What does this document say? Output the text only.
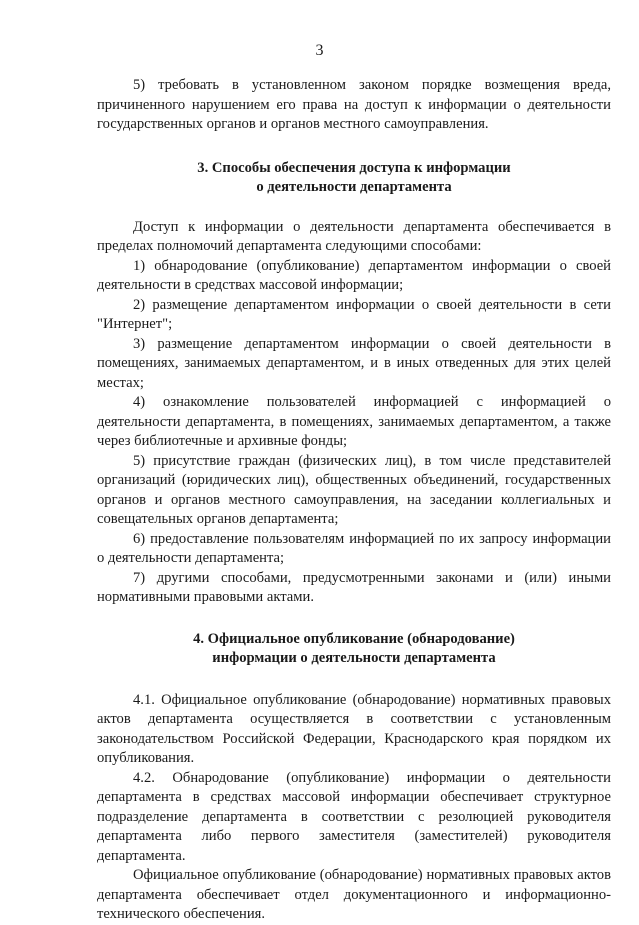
3

5) требовать в установленном законом порядке возмещения вреда, причиненного нарушением его права на доступ к информации о деятельности государственных органов и органов местного самоуправления.

3. Способы обеспечения доступа к информации
о деятельности департамента

Доступ к информации о деятельности департамента обеспечивается в пределах полномочий департамента следующими способами:

1) обнародование (опубликование) департаментом информации о своей деятельности в средствах массовой информации;

2) размещение департаментом информации о своей деятельности в сети "Интернет";

3) размещение департаментом информации о своей деятельности в помещениях, занимаемых департаментом, и в иных отведенных для этих целей местах;

4) ознакомление пользователей информацией с информацией о деятельности департамента, в помещениях, занимаемых департаментом, а также через библиотечные и архивные фонды;

5) присутствие граждан (физических лиц), в том числе представителей организаций (юридических лиц), общественных объединений, государственных органов и органов местного самоуправления, на заседании коллегиальных и совещательных органов департамента;

6) предоставление пользователям информацией по их запросу информации о деятельности департамента;

7) другими способами, предусмотренными законами и (или) иными нормативными правовыми актами.

4. Официальное опубликование (обнародование)
информации о деятельности департамента

4.1. Официальное опубликование (обнародование) нормативных правовых актов департамента осуществляется в соответствии с установленным законодательством Российской Федерации, Краснодарского края порядком их опубликования.

4.2. Обнародование (опубликование) информации о деятельности департамента в средствах массовой информации обеспечивает структурное подразделение департамента в соответствии с резолюцией руководителя департамента либо первого заместителя (заместителей) руководителя департамента.

Официальное опубликование (обнародование) нормативных правовых актов департамента обеспечивает отдел документационного и информационно-технического обеспечения.
